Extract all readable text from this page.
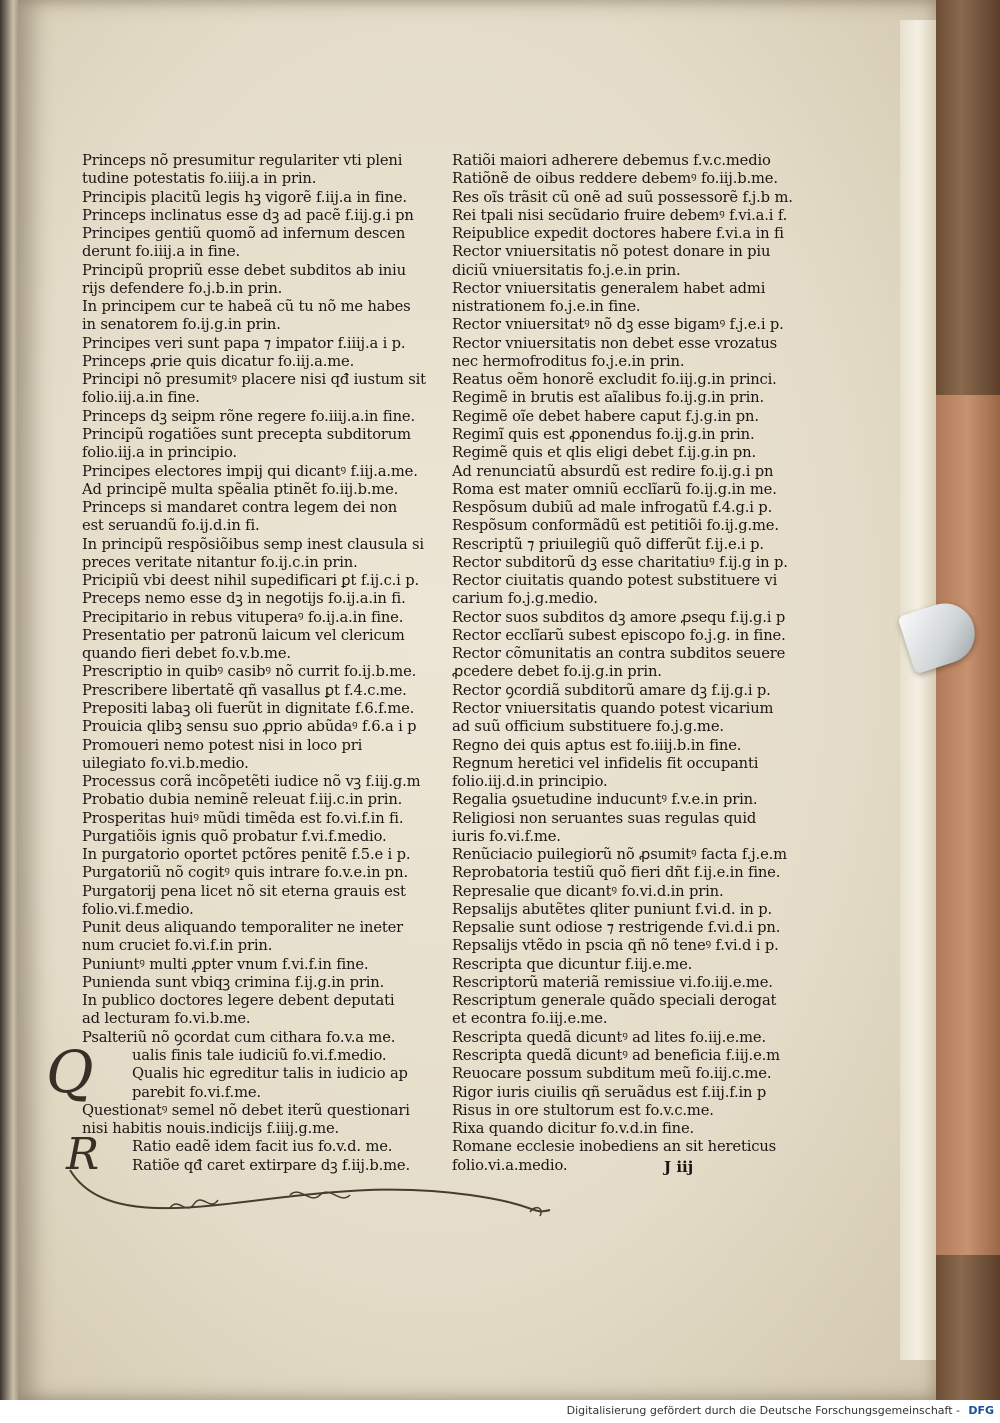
Princeps nõ presumitur regulariter vti pleni
tudine potestatis fo.iiij.a in prin.
Principis placitũ legis hꝫ vigorẽ f.iij.a in fine.
Princeps inclinatus esse dꝫ ad pacẽ f.iij.g.i pn
Principes gentiũ quomõ ad infernum descen
derunt fo.iiij.a in fine.
Principũ propriũ esse debet subditos ab iniu
rijs defendere fo.j.b.in prin.
In principem cur te habeã cũ tu nõ me habes
in senatorem fo.ij.g.in prin.
Principes veri sunt papa ⁊ impator f.iiij.a i p.
Princeps ꝓrie quis dicatur fo.iij.a.me.
Principi nõ presumitꝰ placere nisi qđ iustum sit
folio.iij.a.in fine.
Princeps dꝫ seipm rõne regere fo.iiij.a.in fine.
Principũ rogatiões sunt precepta subditorum
folio.iij.a in principio.
Principes electores impij qui dicantꝰ f.iij.a.me.
Ad principẽ multa spẽalia ptinẽt fo.iij.b.me.
Princeps si mandaret contra legem dei non
est seruandũ fo.ij.d.in fi.
In principũ respõsiõibus semp inest clausula si
preces veritate nitantur fo.ij.c.in prin.
Pricipiũ vbi deest nihil supedificari ꝑt f.ij.c.i p.
Preceps nemo esse dꝫ in negotijs fo.ij.a.in fi.
Precipitario in rebus vituperaꝰ fo.ij.a.in fine.
Presentatio per patronũ laicum vel clericum
quando fieri debet fo.v.b.me.
Prescriptio in quibꝰ casibꝰ nõ currit fo.ij.b.me.
Prescribere libertatẽ qñ vasallus ꝑt f.4.c.me.
Prepositi labaꝫ oli fuerũt in dignitate f.6.f.me.
Prouicia qlibꝫ sensu suo ꝓprio abũdaꝰ f.6.a i p
Promoueri nemo potest nisi in loco pri
uilegiato fo.vi.b.medio.
Processus corã incõpetẽti iudice nõ vꝫ f.iij.g.m
Probatio dubia neminẽ releuat f.iij.c.in prin.
Prosperitas huiꝰ mũdi timẽda est fo.vi.f.in fi.
Purgatiõis ignis quõ probatur f.vi.f.medio.
In purgatorio oportet pctõres penitẽ f.5.e i p.
Purgatoriũ nõ cogitꝰ quis intrare fo.v.e.in pn.
Purgatorij pena licet nõ sit eterna grauis est
folio.vi.f.medio.
Punit deus aliquando temporaliter ne ineter
num cruciet fo.vi.f.in prin.
Puniuntꝰ multi ꝓpter vnum f.vi.f.in fine.
Punienda sunt vbiqꝫ crimina f.ij.g.in prin.
In publico doctores legere debent deputati
ad lecturam fo.vi.b.me.
Psalteriũ nõ ꝯcordat cum cithara fo.v.a me.
ualis finis tale iudiciũ fo.vi.f.medio.
Qualis hic egreditur talis in iudicio ap
parebit fo.vi.f.me.
Questionatꝰ semel nõ debet iterũ questionari
nisi habitis nouis.indicijs f.iiij.g.me.
Ratio eadẽ idem facit ius fo.v.d. me.
Ratiõe qđ caret extirpare dꝫ f.iij.b.me.
Ratiõi maiori adherere debemus f.v.c.medio
Ratiõnẽ de oibus reddere debemꝰ fo.iij.b.me.
Res oĩs trãsit cũ onẽ ad suũ possessorẽ f.j.b m.
Rei tpali nisi secũdario fruire debemꝰ f.vi.a.i f.
Reipublice expedit doctores habere f.vi.a in fi
Rector vniuersitatis nõ potest donare in piu
diciũ vniuersitatis fo.j.e.in prin.
Rector vniuersitatis generalem habet admi
nistrationem fo.j.e.in fine.
Rector vniuersitatꝰ nõ dꝫ esse bigamꝰ f.j.e.i p.
Rector vniuersitatis non debet esse vrozatus
nec hermofroditus fo.j.e.in prin.
Reatus oẽm honorẽ excludit fo.iij.g.in princi.
Regimẽ in brutis est aĩalibus fo.ij.g.in prin.
Regimẽ oĩe debet habere caput f.j.g.in pn.
Regimĩ quis est ꝓponendus fo.ij.g.in prin.
Regimẽ quis et qlis eligi debet f.ij.g.in pn.
Ad renunciatũ absurdũ est redire fo.ij.g.i pn
Roma est mater omniũ ecclĩarũ fo.ij.g.in me.
Respõsum dubiũ ad male infrogatũ f.4.g.i p.
Respõsum conformãdũ est petitiõi fo.ij.g.me.
Rescriptũ ⁊ priuilegiũ quõ differũt f.ij.e.i p.
Rector subditorũ dꝫ esse charitatiuꝰ f.ij.g in p.
Rector ciuitatis quando potest substituere vi
carium fo.j.g.medio.
Rector suos subditos dꝫ amore ꝓsequ f.ij.g.i p
Rector ecclĩarũ subest episcopo fo.j.g. in fine.
Rector cõmunitatis an contra subditos seuere
ꝓcedere debet fo.ij.g.in prin.
Rector ꝯcordiã subditorũ amare dꝫ f.ij.g.i p.
Rector vniuersitatis quando potest vicarium
ad suũ officium substituere fo.j.g.me.
Regno dei quis aptus est fo.iiij.b.in fine.
Regnum heretici vel infidelis fit occupanti
folio.iij.d.in principio.
Regalia ꝯsuetudine inducuntꝰ f.v.e.in prin.
Religiosi non seruantes suas regulas quid
iuris fo.vi.f.me.
Renũciacio puilegiorũ nõ ꝓsumitꝰ facta f.j.e.m
Reprobatoria testiũ quõ fieri dñt f.ij.e.in fine.
Represalie que dicantꝰ fo.vi.d.in prin.
Repsalijs abutẽtes qliter puniunt f.vi.d. in p.
Repsalie sunt odiose ⁊ restrigende f.vi.d.i pn.
Repsalijs vtẽdo in pscia qñ nõ teneꝰ f.vi.d i p.
Rescripta que dicuntur f.iij.e.me.
Rescriptorũ materiã remissiue vi.fo.iij.e.me.
Rescriptum generale quãdo speciali derogat
et econtra fo.iij.e.me.
Rescripta quedã dicuntꝰ ad lites fo.iij.e.me.
Rescripta quedã dicuntꝰ ad beneficia f.iij.e.m
Reuocare possum subditum meũ fo.iij.c.me.
Rigor iuris ciuilis qñ seruãdus est f.iij.f.in p
Risus in ore stultorum est fo.v.c.me.
Rixa quando dicitur fo.v.d.in fine.
Romane ecclesie inobediens an sit hereticus
folio.vi.a.medio.
Q
R	J iij
Digitalisierung gefördert durch die Deutsche Forschungsgemeinschaft - DFG
